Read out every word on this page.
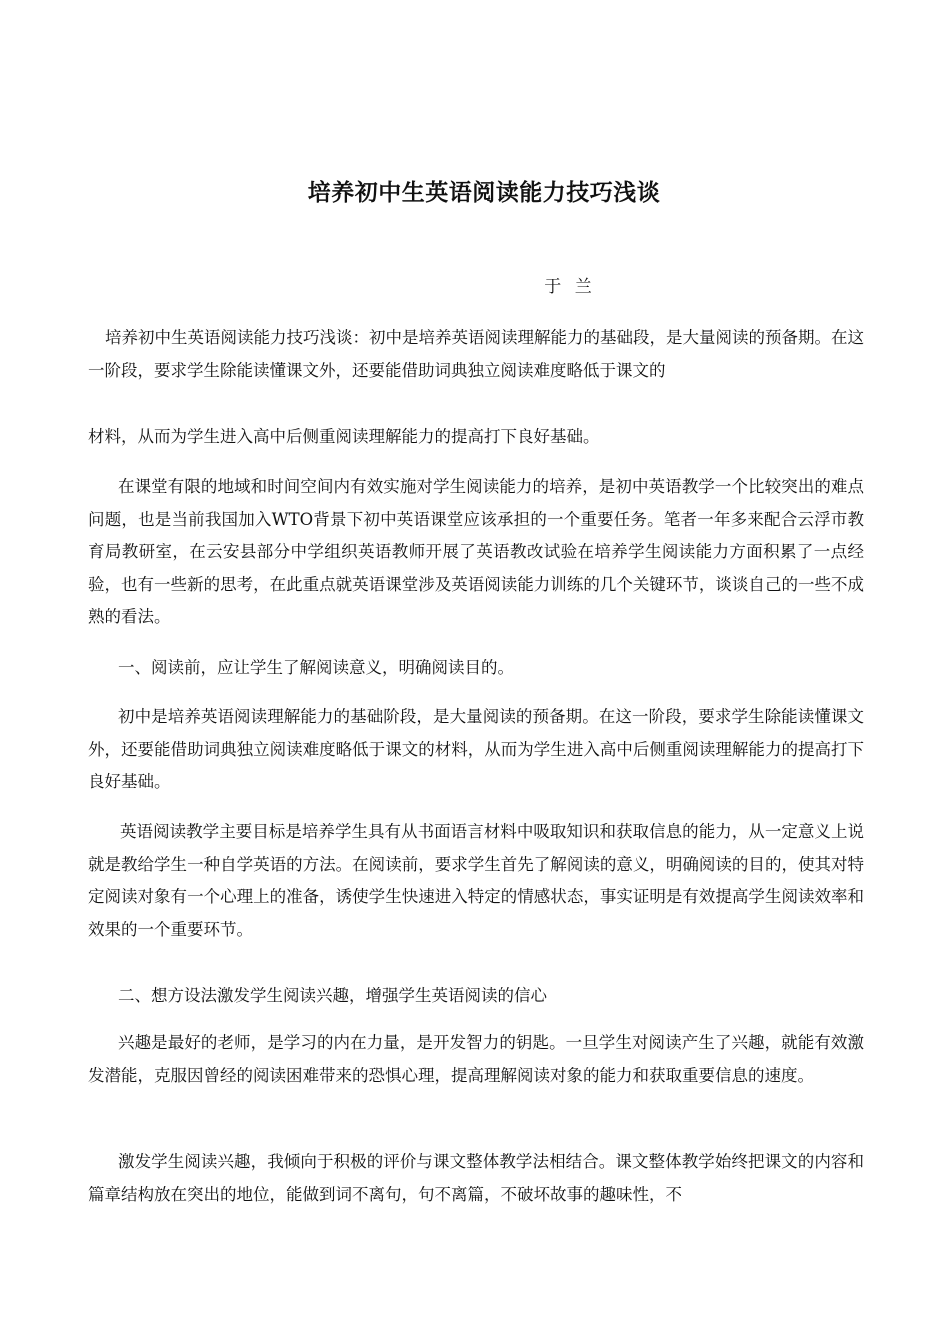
培养初中生英语阅读能力技巧浅谈
于 兰

培养初中生英语阅读能力技巧浅谈：初中是培养英语阅读理解能力的基础段，是大量阅读的预备期。在这一阶段，要求学生除能读懂课文外，还要能借助词典独立阅读难度略低于课文的

材料，从而为学生进入高中后侧重阅读理解能力的提高打下良好基础。

在课堂有限的地域和时间空间内有效实施对学生阅读能力的培养，是初中英语教学一个比较突出的难点问题，也是当前我国加入WTO背景下初中英语课堂应该承担的一个重要任务。笔者一年多来配合云浮市教育局教研室，在云安县部分中学组织英语教师开展了英语教改试验在培养学生阅读能力方面积累了一点经验，也有一些新的思考，在此重点就英语课堂涉及英语阅读能力训练的几个关键环节，谈谈自己的一些不成熟的看法。

一、阅读前，应让学生了解阅读意义，明确阅读目的。

初中是培养英语阅读理解能力的基础阶段，是大量阅读的预备期。在这一阶段，要求学生除能读懂课文外，还要能借助词典独立阅读难度略低于课文的材料，从而为学生进入高中后侧重阅读理解能力的提高打下良好基础。

英语阅读教学主要目标是培养学生具有从书面语言材料中吸取知识和获取信息的能力，从一定意义上说就是教给学生一种自学英语的方法。在阅读前，要求学生首先了解阅读的意义，明确阅读的目的，使其对特定阅读对象有一个心理上的准备，诱使学生快速进入特定的情感状态，事实证明是有效提高学生阅读效率和效果的一个重要环节。

二、想方设法激发学生阅读兴趣，增强学生英语阅读的信心

兴趣是最好的老师，是学习的内在力量，是开发智力的钥匙。一旦学生对阅读产生了兴趣，就能有效激发潜能，克服因曾经的阅读困难带来的恐惧心理，提高理解阅读对象的能力和获取重要信息的速度。

激发学生阅读兴趣，我倾向于积极的评价与课文整体教学法相结合。课文整体教学始终把课文的内容和篇章结构放在突出的地位，能做到词不离句，句不离篇，不破坏故事的趣味性，不
